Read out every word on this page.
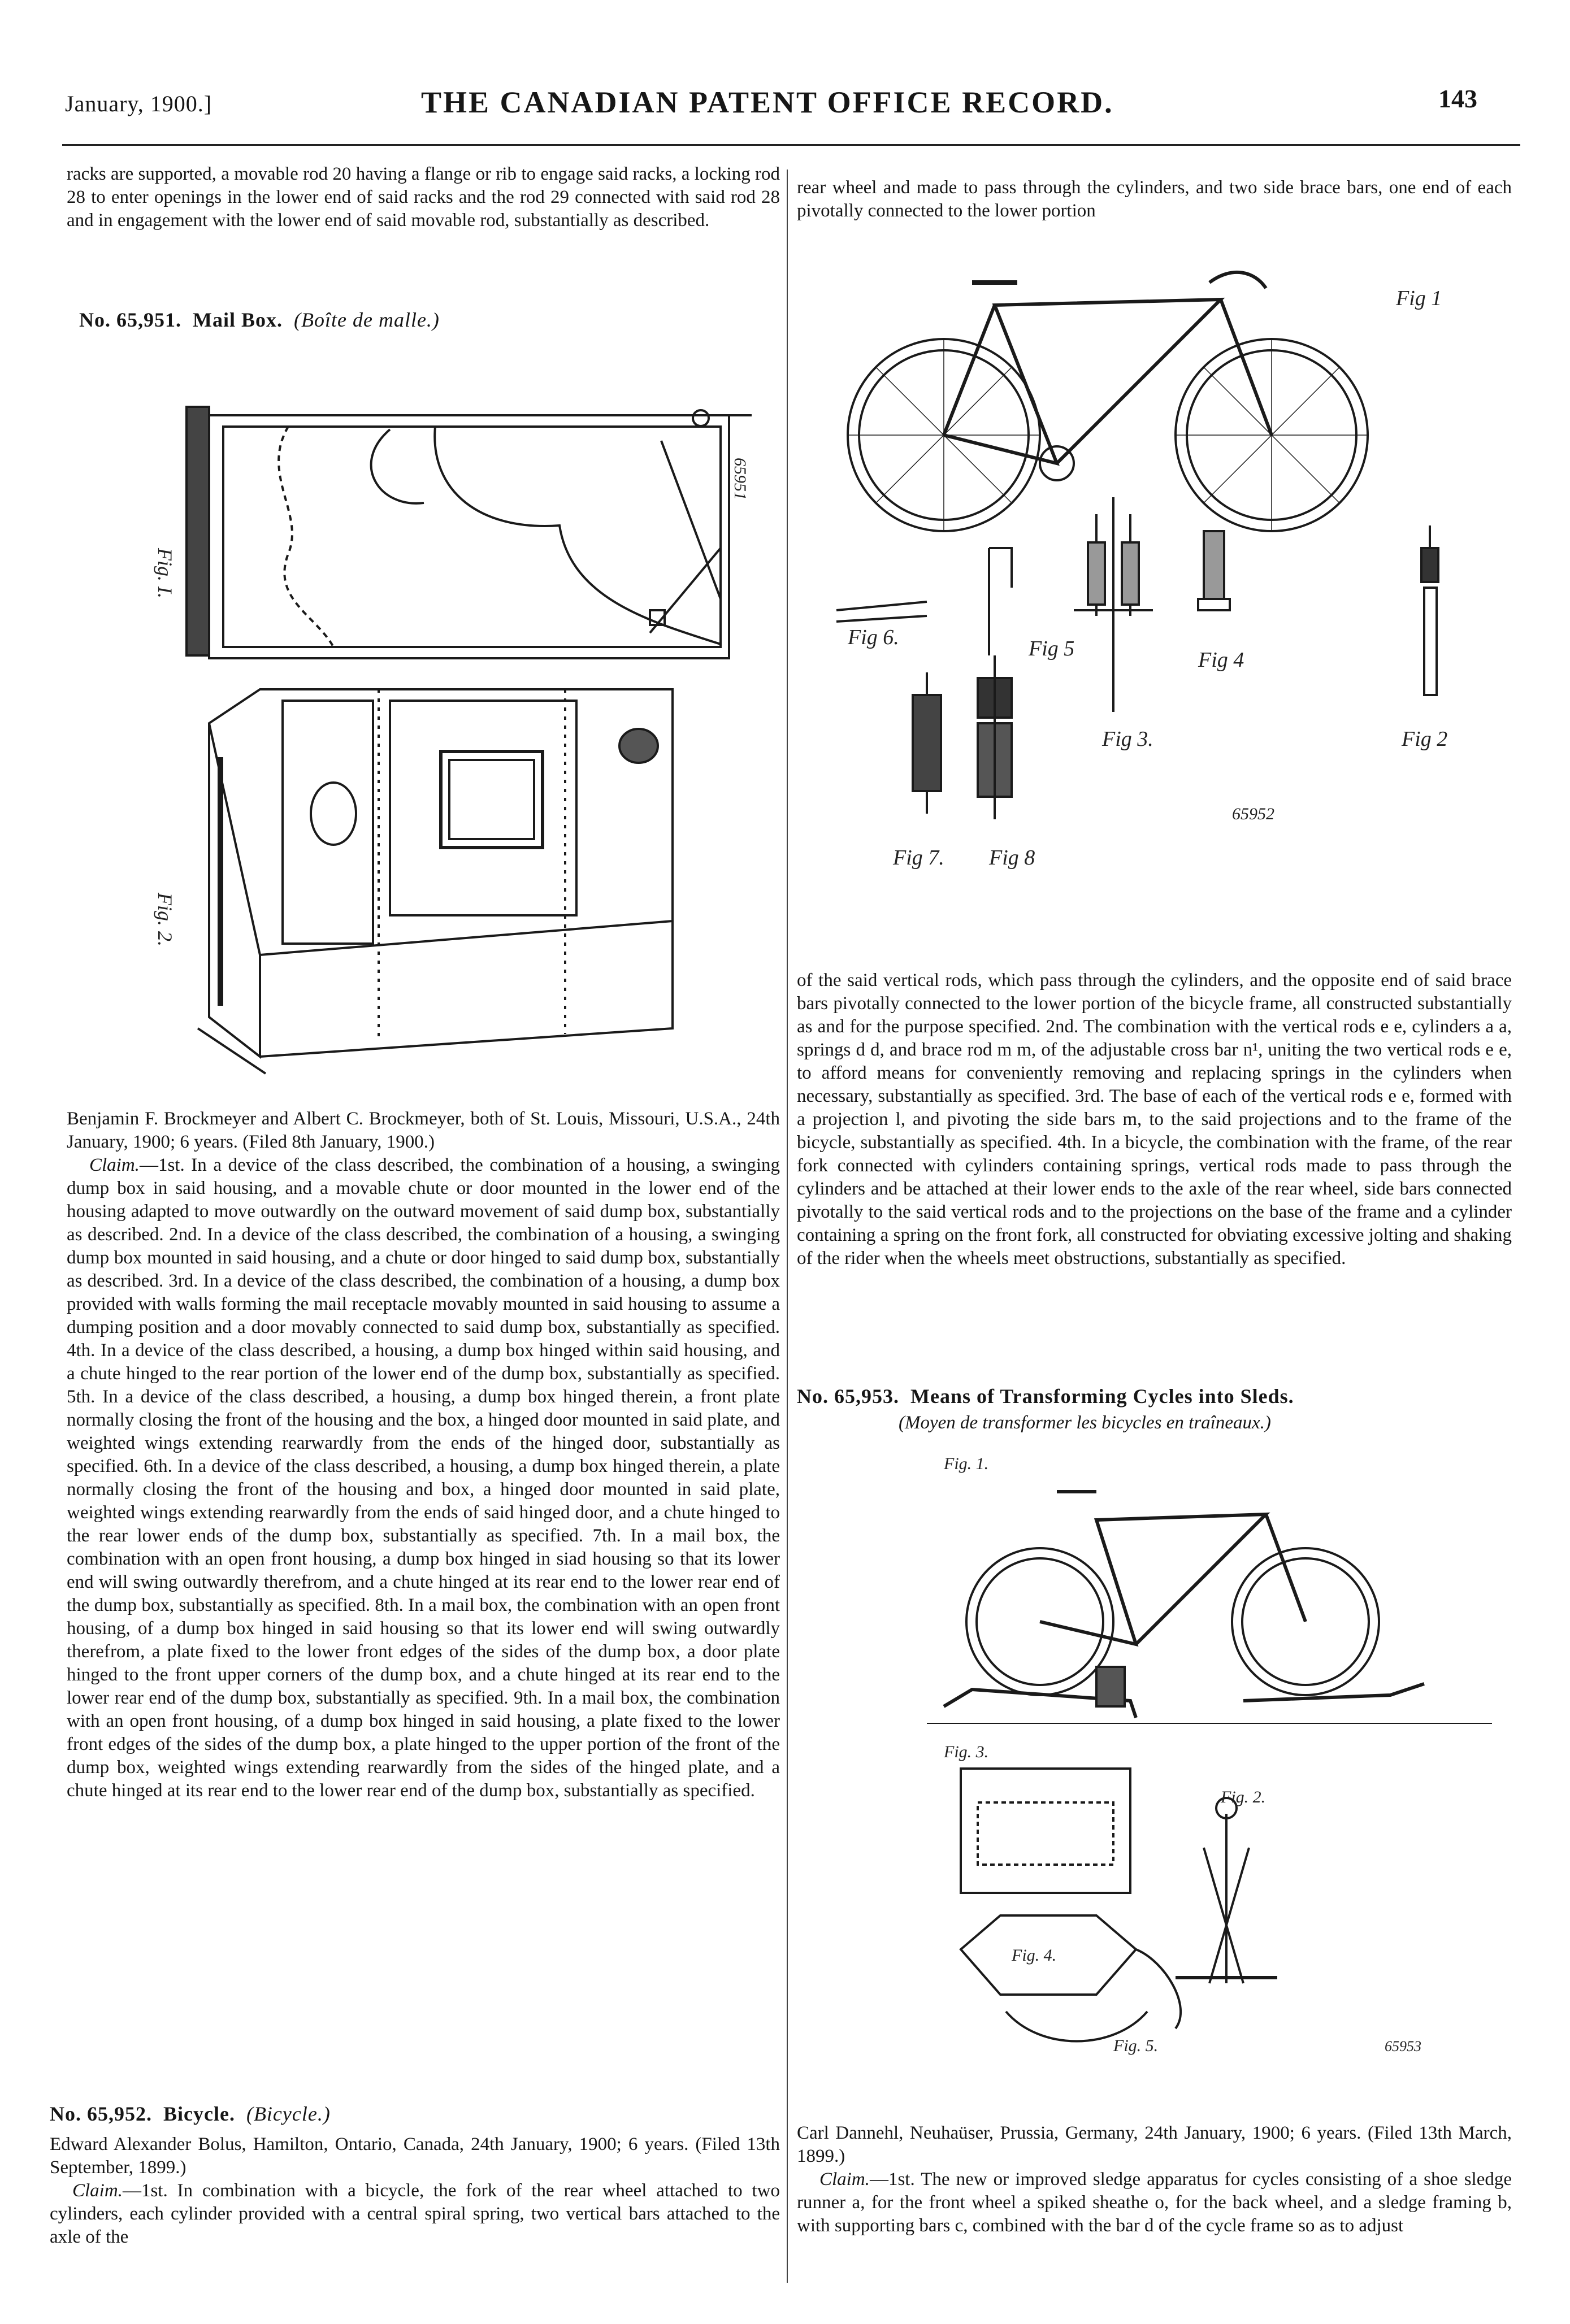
January, 1900.]	THE CANADIAN PATENT OFFICE RECORD.	143

racks are supported, a movable rod 20 having a flange or rib to engage said racks, a locking rod 28 to enter openings in the lower end of said racks and the rod 29 connected with said rod 28 and in engagement with the lower end of said movable rod, substantially as described.

No. 65,951. Mail Box. (Boîte de malle.)
Fig. I.
Fig. 2.
65951

Benjamin F. Brockmeyer and Albert C. Brockmeyer, both of St. Louis, Missouri, U.S.A., 24th January, 1900; 6 years. (Filed 8th January, 1900.)

Claim.—1st. In a device of the class described, the combination of a housing, a swinging dump box in said housing, and a movable chute or door mounted in the lower end of the housing adapted to move outwardly on the outward movement of said dump box, substantially as described. 2nd. In a device of the class described, the combination of a housing, a swinging dump box mounted in said housing, and a chute or door hinged to said dump box, substantially as described. 3rd. In a device of the class described, the combination of a housing, a dump box provided with walls forming the mail receptacle movably mounted in said housing to assume a dumping position and a door movably connected to said dump box, substantially as specified. 4th. In a device of the class described, a housing, a dump box hinged within said housing, and a chute hinged to the rear portion of the lower end of the dump box, substantially as specified. 5th. In a device of the class described, a housing, a dump box hinged therein, a front plate normally closing the front of the housing and the box, a hinged door mounted in said plate, and weighted wings extending rearwardly from the ends of the hinged door, substantially as specified. 6th. In a device of the class described, a housing, a dump box hinged therein, a plate normally closing the front of the housing and box, a hinged door mounted in said plate, weighted wings extending rearwardly from the ends of said hinged door, and a chute hinged to the rear lower ends of the dump box, substantially as specified. 7th. In a mail box, the combination with an open front housing, a dump box hinged in siad housing so that its lower end will swing outwardly therefrom, and a chute hinged at its rear end to the lower rear end of the dump box, substantially as specified. 8th. In a mail box, the combination with an open front housing, of a dump box hinged in said housing so that its lower end will swing outwardly therefrom, a plate fixed to the lower front edges of the sides of the dump box, a door plate hinged to the front upper corners of the dump box, and a chute hinged at its rear end to the lower rear end of the dump box, substantially as specified. 9th. In a mail box, the combination with an open front housing, of a dump box hinged in said housing, a plate fixed to the lower front edges of the sides of the dump box, a plate hinged to the upper portion of the front of the dump box, weighted wings extending rearwardly from the sides of the hinged plate, and a chute hinged at its rear end to the lower rear end of the dump box, substantially as specified.

No. 65,952. Bicycle. (Bicycle.)

Edward Alexander Bolus, Hamilton, Ontario, Canada, 24th January, 1900; 6 years. (Filed 13th September, 1899.)

Claim.—1st. In combination with a bicycle, the fork of the rear wheel attached to two cylinders, each cylinder provided with a central spiral spring, two vertical bars attached to the axle of the

rear wheel and made to pass through the cylinders, and two side brace bars, one end of each pivotally connected to the lower portion

Fig 1
Fig 6.	Fig 5	Fig 4
Fig 2
Fig 3.
Fig 7. Fig 8
65952

of the said vertical rods, which pass through the cylinders, and the opposite end of said brace bars pivotally connected to the lower portion of the bicycle frame, all constructed substantially as and for the purpose specified. 2nd. The combination with the vertical rods e e, cylinders a a, springs d d, and brace rod m m, of the adjustable cross bar n¹, uniting the two vertical rods e e, to afford means for conveniently removing and replacing springs in the cylinders when necessary, substantially as specified. 3rd. The base of each of the vertical rods e e, formed with a projection l, and pivoting the side bars m, to the said projections and to the frame of the bicycle, substantially as specified. 4th. In a bicycle, the combination with the frame, of the rear fork connected with cylinders containing springs, vertical rods made to pass through the cylinders and be attached at their lower ends to the axle of the rear wheel, side bars connected pivotally to the said vertical rods and to the projections on the base of the frame and a cylinder containing a spring on the front fork, all constructed for obviating excessive jolting and shaking of the rider when the wheels meet obstructions, substantially as specified.

No. 65,953. Means of Transforming Cycles into Sleds.
(Moyen de transformer les bicycles en traîneaux.)
Fig. 1.
Fig. 3.
Fig. 2.
Fig. 4.
Fig. 5.	65953

Carl Dannehl, Neuhaüser, Prussia, Germany, 24th January, 1900; 6 years. (Filed 13th March, 1899.)

Claim.—1st. The new or improved sledge apparatus for cycles consisting of a shoe sledge runner a, for the front wheel a spiked sheathe o, for the back wheel, and a sledge framing b, with supporting bars c, combined with the bar d of the cycle frame so as to adjust
